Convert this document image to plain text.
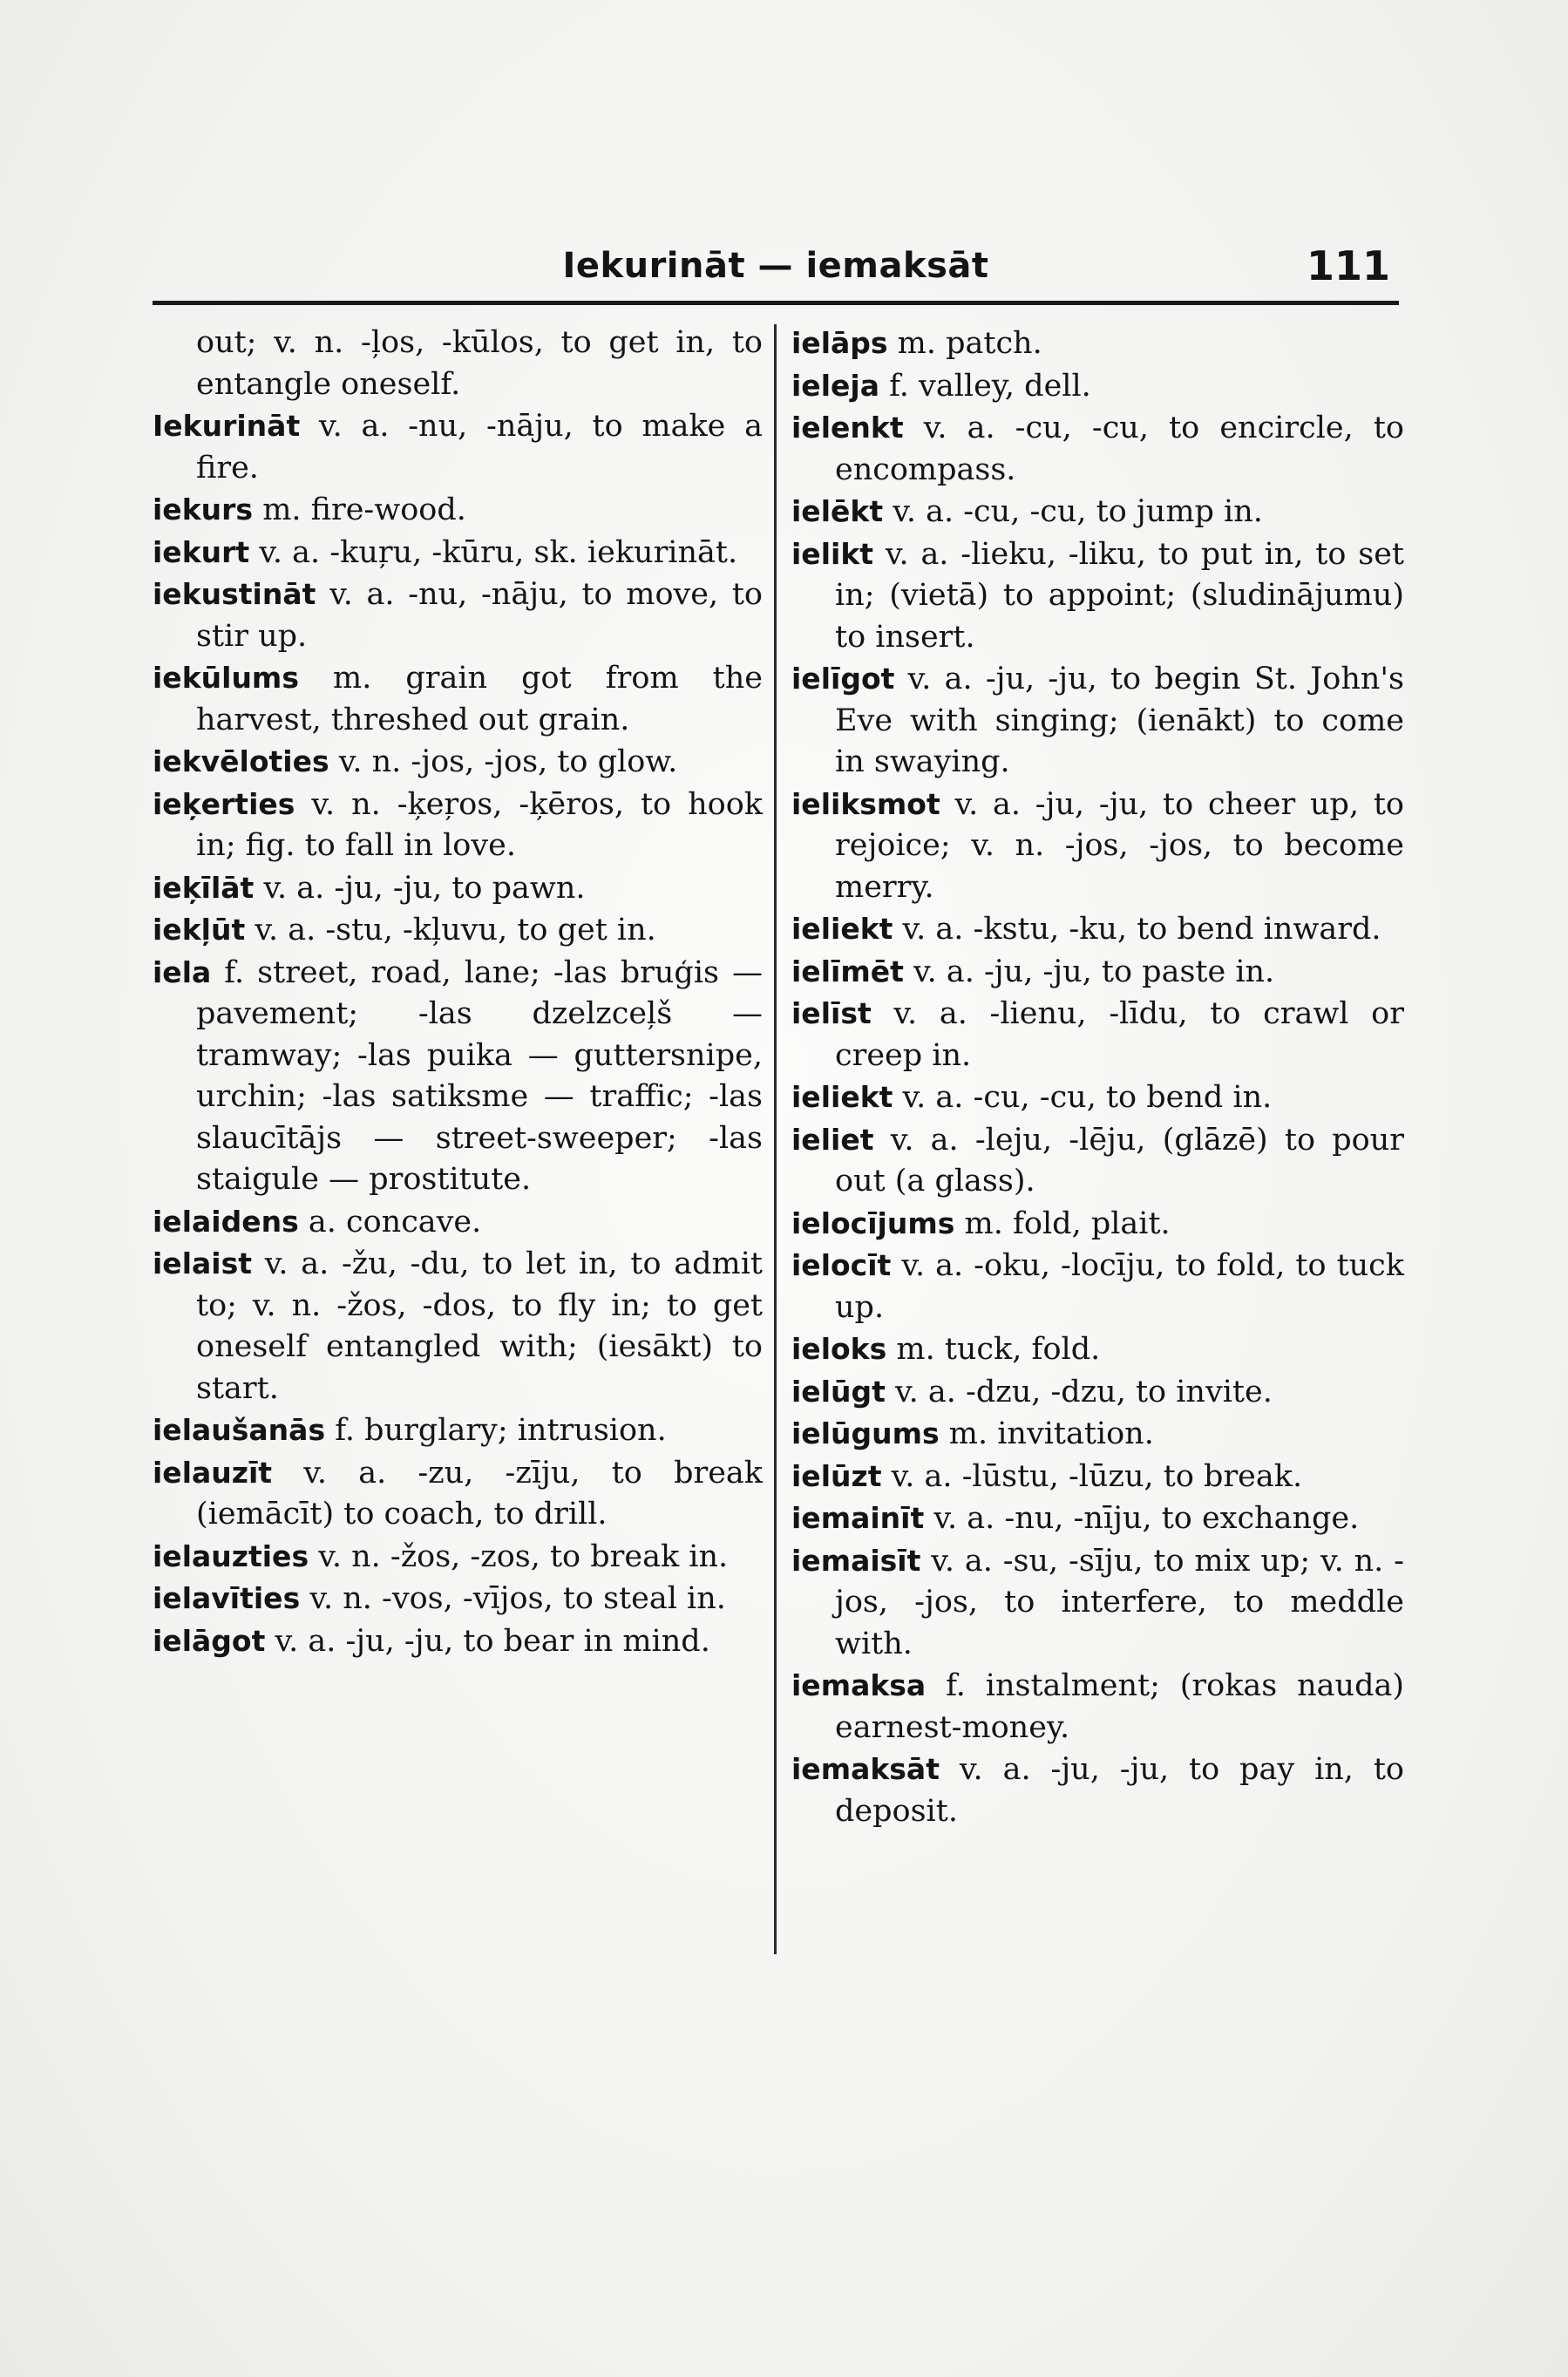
Iekurināt — iemaksāt	111
out; v. n. -ļos, -kūlos, to get in, to entangle oneself.
Iekurināt v. a. -nu, -nāju, to make a fire.
iekurs m. fire-wood.
iekurt v. a. -kuŗu, -kūru, sk. iekurināt.
iekustināt v. a. -nu, -nāju, to move, to stir up.
iekūlums m. grain got from the harvest, threshed out grain.
iekvēloties v. n. -jos, -jos, to glow.
ieķerties v. n. -ķeŗos, -ķēros, to hook in; fig. to fall in love.
ieķīlāt v. a. -ju, -ju, to pawn.
iekļūt v. a. -stu, -kļuvu, to get in.
iela f. street, road, lane; -las bruģis — pavement; -las dzelzceļš — tramway; -las puika — guttersnipe, urchin; -las satiksme — traffic; -las slaucītājs — street-sweeper; -las staigule — prostitute.
ielaidens a. concave.
ielaist v. a. -žu, -du, to let in, to admit to; v. n. -žos, -dos, to fly in; to get oneself entangled with; (iesākt) to start.
ielaušanās f. burglary; intrusion.
ielauzīt v. a. -zu, -zīju, to break (iemācīt) to coach, to drill.
ielauzties v. n. -žos, -zos, to break in.
ielavīties v. n. -vos, -vījos, to steal in.
ielāgot v. a. -ju, -ju, to bear in mind.
ielāps m. patch.
ieleja f. valley, dell.
ielenkt v. a. -cu, -cu, to encircle, to encompass.
ielēkt v. a. -cu, -cu, to jump in.
ielikt v. a. -lieku, -liku, to put in, to set in; (vietā) to appoint; (sludinājumu) to insert.
ielīgot v. a. -ju, -ju, to begin St. John's Eve with singing; (ienākt) to come in swaying.
ieliksmot v. a. -ju, -ju, to cheer up, to rejoice; v. n. -jos, -jos, to become merry.
ieliekt v. a. -kstu, -ku, to bend inward.
ielīmēt v. a. -ju, -ju, to paste in.
ielīst v. a. -lienu, -līdu, to crawl or creep in.
ieliekt v. a. -cu, -cu, to bend in.
ieliet v. a. -leju, -lēju, (glāzē) to pour out (a glass).
ielocījums m. fold, plait.
ielocīt v. a. -oku, -locīju, to fold, to tuck up.
ieloks m. tuck, fold.
ielūgt v. a. -dzu, -dzu, to invite.
ielūgums m. invitation.
ielūzt v. a. -lūstu, -lūzu, to break.
iemainīt v. a. -nu, -nīju, to exchange.
iemaisīt v. a. -su, -sīju, to mix up; v. n. -jos, -jos, to interfere, to meddle with.
iemaksa f. instalment; (rokas nauda) earnest-money.
iemaksāt v. a. -ju, -ju, to pay in, to deposit.
